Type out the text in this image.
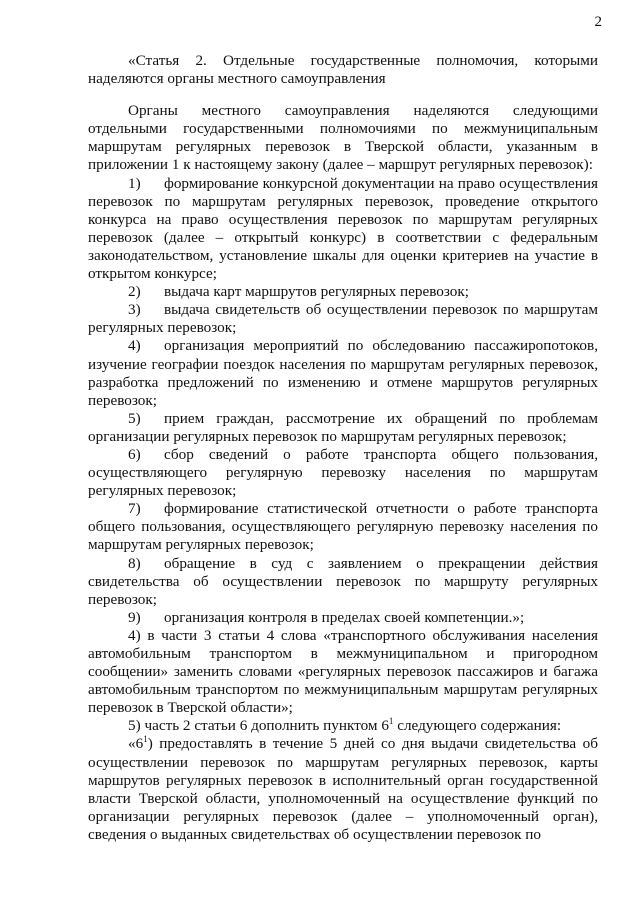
2

«Статья 2. Отдельные государственные полномочия, которыми наделяются органы местного самоуправления

Органы местного самоуправления наделяются следующими отдельными государственными полномочиями по межмуниципальным маршрутам регулярных перевозок в Тверской области, указанным в приложении 1 к настоящему закону (далее – маршрут регулярных перевозок):

1) формирование конкурсной документации на право осуществления перевозок по маршрутам регулярных перевозок, проведение открытого конкурса на право осуществления перевозок по маршрутам регулярных перевозок (далее – открытый конкурс) в соответствии с федеральным законодательством, установление шкалы для оценки критериев на участие в открытом конкурсе;

2) выдача карт маршрутов регулярных перевозок;

3) выдача свидетельств об осуществлении перевозок по маршрутам регулярных перевозок;

4) организация мероприятий по обследованию пассажиропотоков, изучение географии поездок населения по маршрутам регулярных перевозок, разработка предложений по изменению и отмене маршрутов регулярных перевозок;

5) прием граждан, рассмотрение их обращений по проблемам организации регулярных перевозок по маршрутам регулярных перевозок;

6) сбор сведений о работе транспорта общего пользования, осуществляющего регулярную перевозку населения по маршрутам регулярных перевозок;

7) формирование статистической отчетности о работе транспорта общего пользования, осуществляющего регулярную перевозку населения по маршрутам регулярных перевозок;

8) обращение в суд с заявлением о прекращении действия свидетельства об осуществлении перевозок по маршруту регулярных перевозок;

9) организация контроля в пределах своей компетенции.»;

4) в части 3 статьи 4 слова «транспортного обслуживания населения автомобильным транспортом в межмуниципальном и пригородном сообщении» заменить словами «регулярных перевозок пассажиров и багажа автомобильным транспортом по межмуниципальным маршрутам регулярных перевозок в Тверской области»;

5) часть 2 статьи 6 дополнить пунктом $6^1$ следующего содержания:

«$6^1$) предоставлять в течение 5 дней со дня выдачи свидетельства об осуществлении перевозок по маршрутам регулярных перевозок, карты маршрутов регулярных перевозок в исполнительный орган государственной власти Тверской области, уполномоченный на осуществление функций по организации регулярных перевозок (далее – уполномоченный орган), сведения о выданных свидетельствах об осуществлении перевозок по
